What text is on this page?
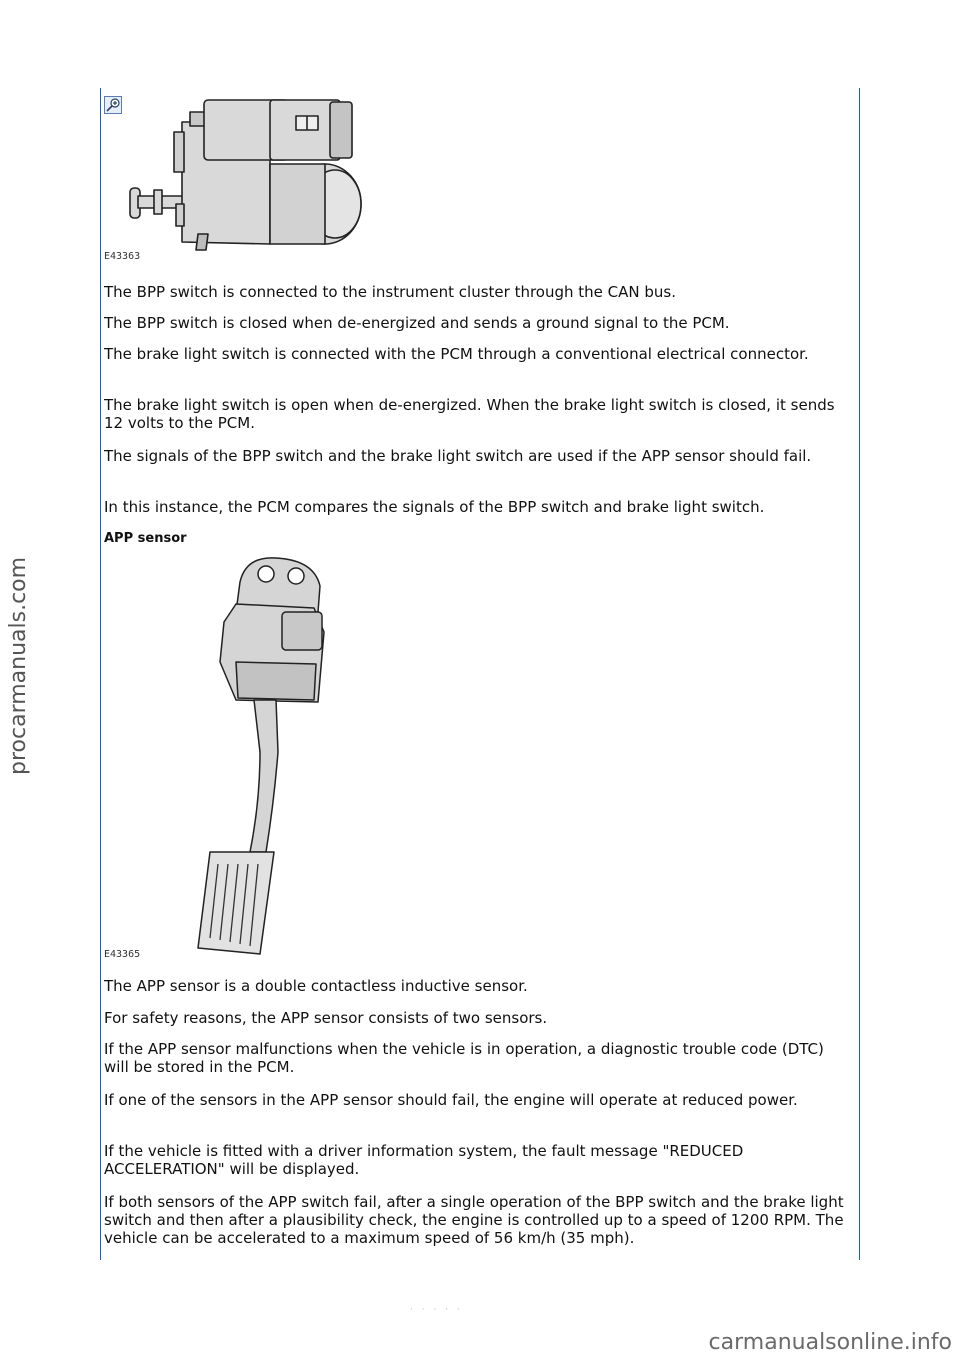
E43363

The BPP switch is connected to the instrument cluster through the CAN bus.

The BPP switch is closed when de-energized and sends a ground signal to the PCM.

The brake light switch is connected with the PCM through a conventional electrical connector.

The brake light switch is open when de-energized. When the brake light switch is closed, it sends 12 volts to the PCM.

The signals of the BPP switch and the brake light switch are used if the APP sensor should fail.

In this instance, the PCM compares the signals of the BPP switch and brake light switch.

APP sensor
E43365

The APP sensor is a double contactless inductive sensor.

For safety reasons, the APP sensor consists of two sensors.

If the APP sensor malfunctions when the vehicle is in operation, a diagnostic trouble code (DTC) will be stored in the PCM.

If one of the sensors in the APP sensor should fail, the engine will operate at reduced power.

If the vehicle is fitted with a driver information system, the fault message "REDUCED ACCELERATION" will be displayed.

If both sensors of the APP switch fail, after a single operation of the BPP switch and the brake light switch and then after a plausibility check, the engine is controlled up to a speed of 1200 RPM. The vehicle can be accelerated to a maximum speed of 56 km/h (35 mph).

· · · · ·
procarmanuals.com
carmanualsonline.info
